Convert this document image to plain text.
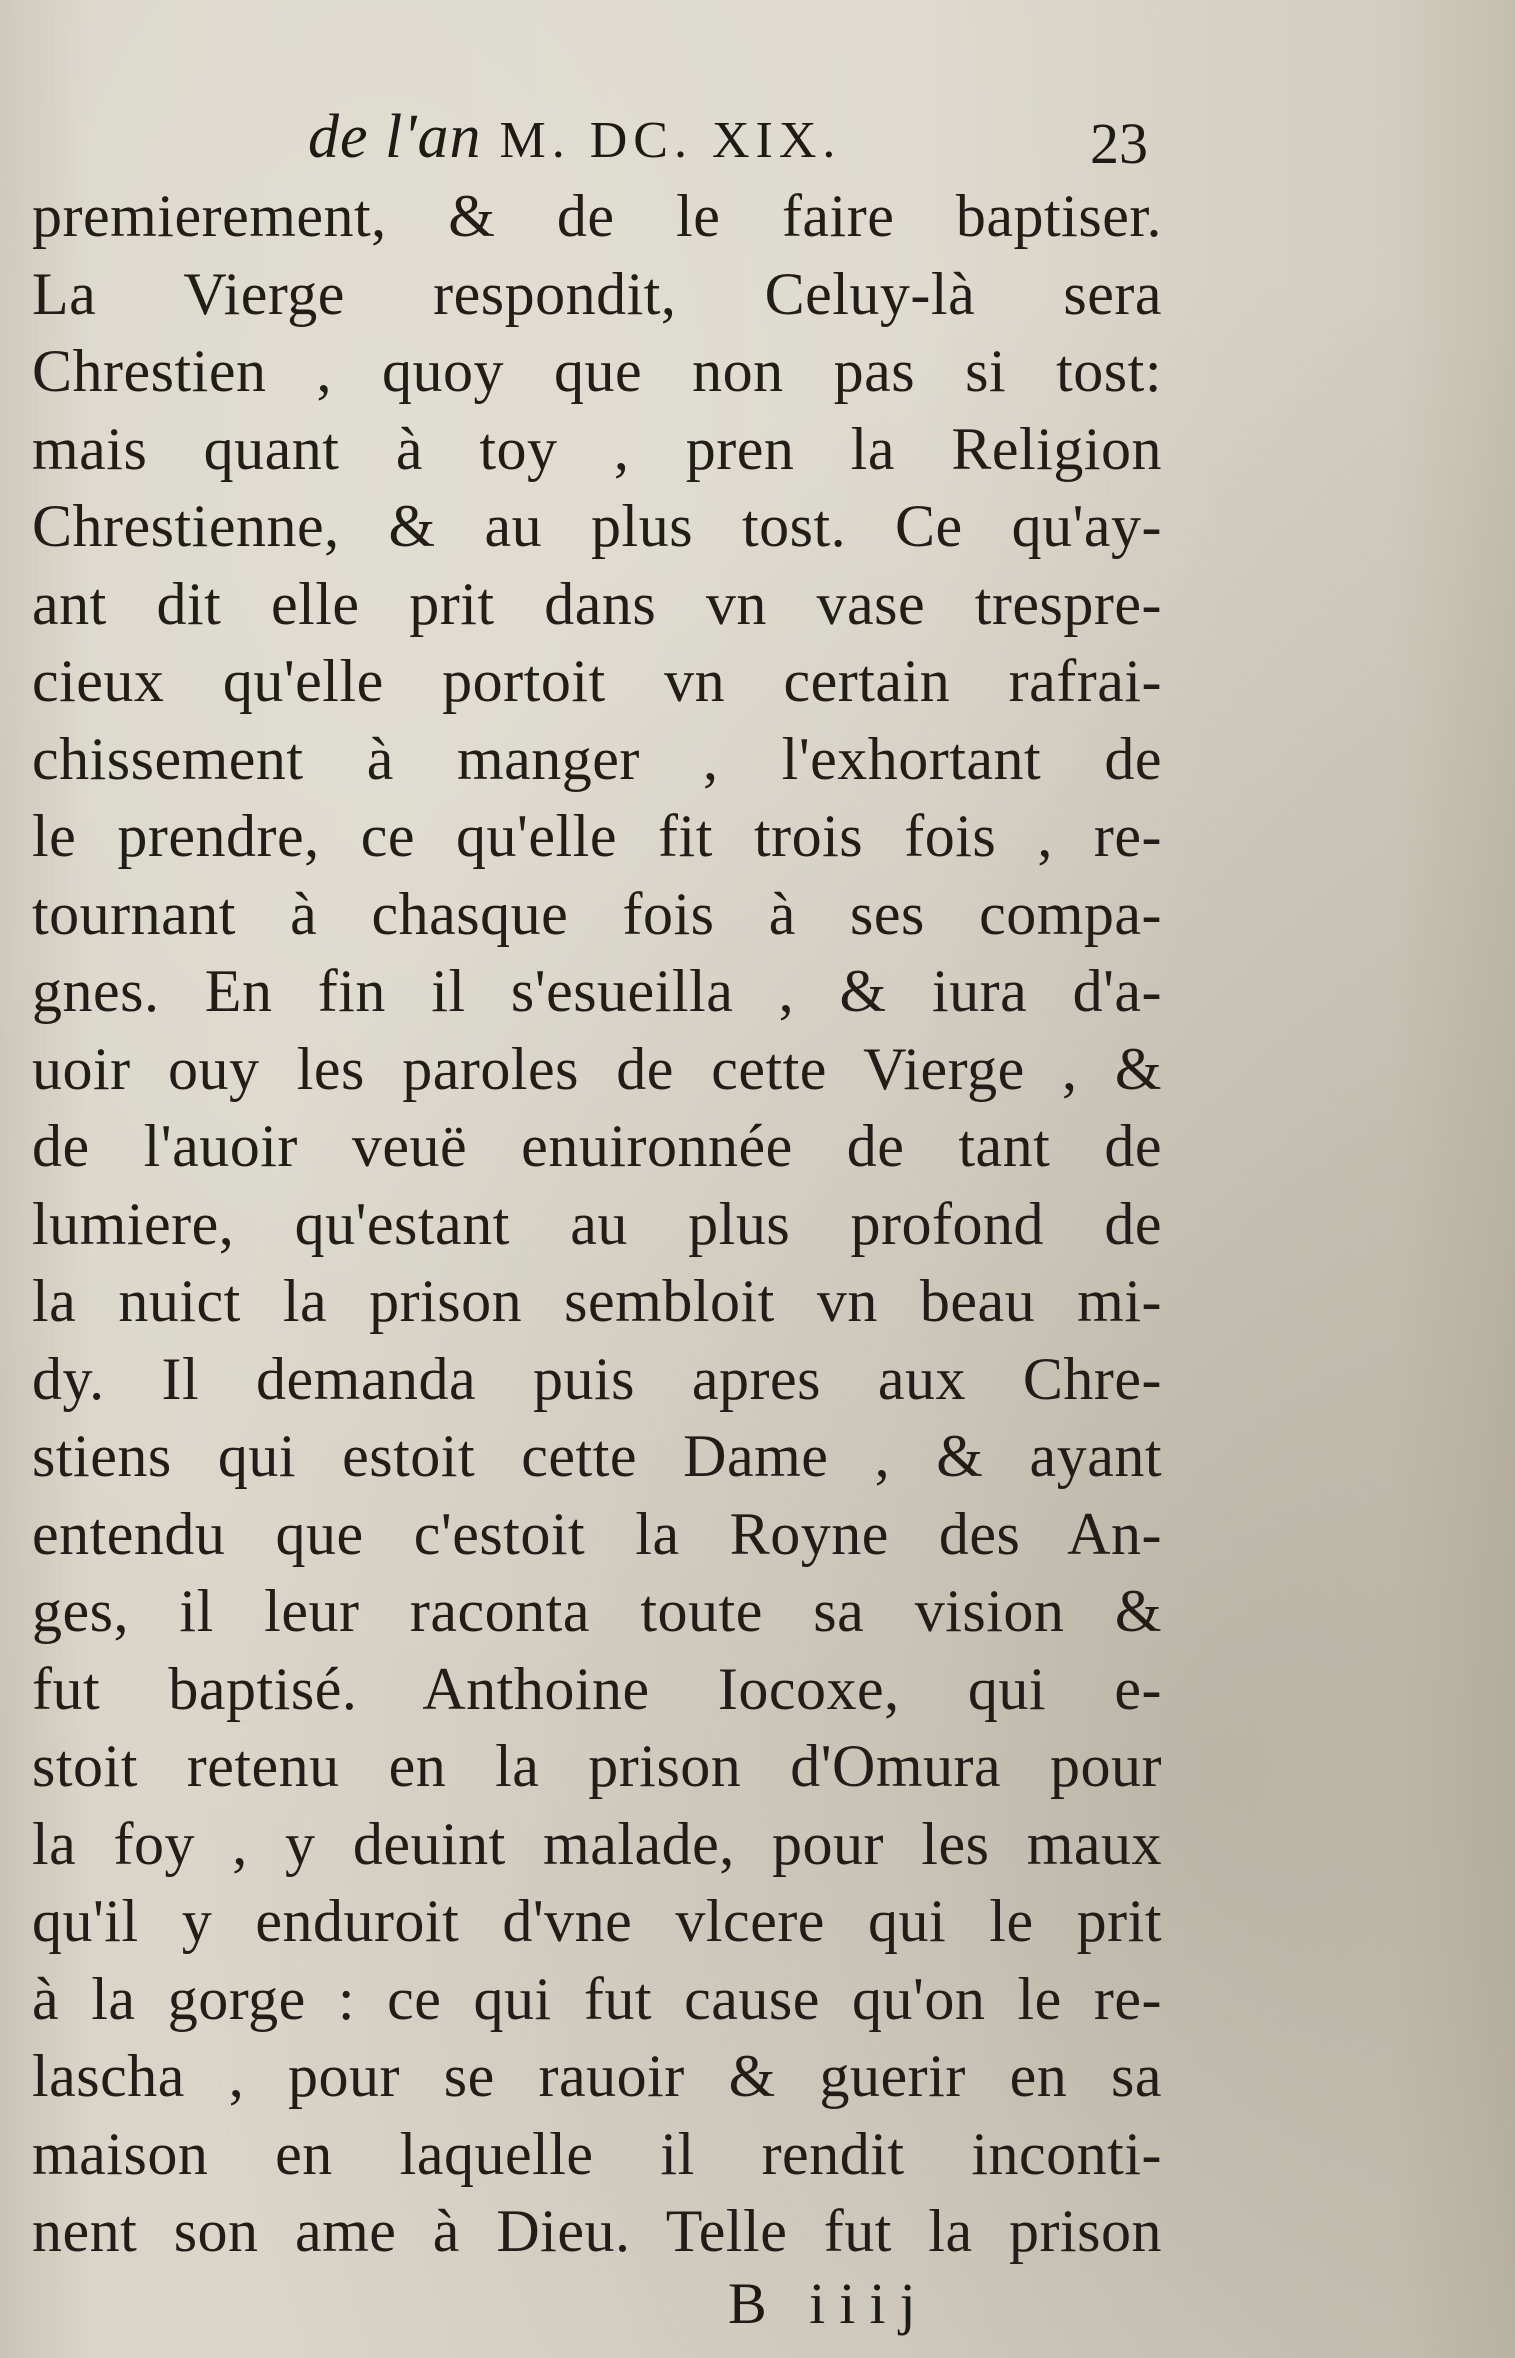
de l'an M. DC. XIX.	23
premierement, & de le faire baptiser.
La Vierge respondit, Celuy-là sera
Chrestien , quoy que non pas si tost:
mais quant à toy , pren la Religion
Chrestienne, & au plus tost. Ce qu'ay-
ant dit elle prit dans vn vase trespre-
cieux qu'elle portoit vn certain rafrai-
chissement à manger , l'exhortant de
le prendre, ce qu'elle fit trois fois , re-
tournant à chasque fois à ses compa-
gnes. En fin il s'esueilla , & iura d'a-
uoir ouy les paroles de cette Vierge , &
de l'auoir veuë enuironnée de tant de
lumiere, qu'estant au plus profond de
la nuict la prison sembloit vn beau mi-
dy. Il demanda puis apres aux Chre-
stiens qui estoit cette Dame , & ayant
entendu que c'estoit la Royne des An-
ges, il leur raconta toute sa vision &
fut baptisé. Anthoine Iocoxe, qui e-
stoit retenu en la prison d'Omura pour
la foy , y deuint malade, pour les maux
qu'il y enduroit d'vne vlcere qui le prit
à la gorge : ce qui fut cause qu'on le re-
lascha , pour se rauoir & guerir en sa
maison en laquelle il rendit inconti-
nent son ame à Dieu. Telle fut la prison
B iiij
